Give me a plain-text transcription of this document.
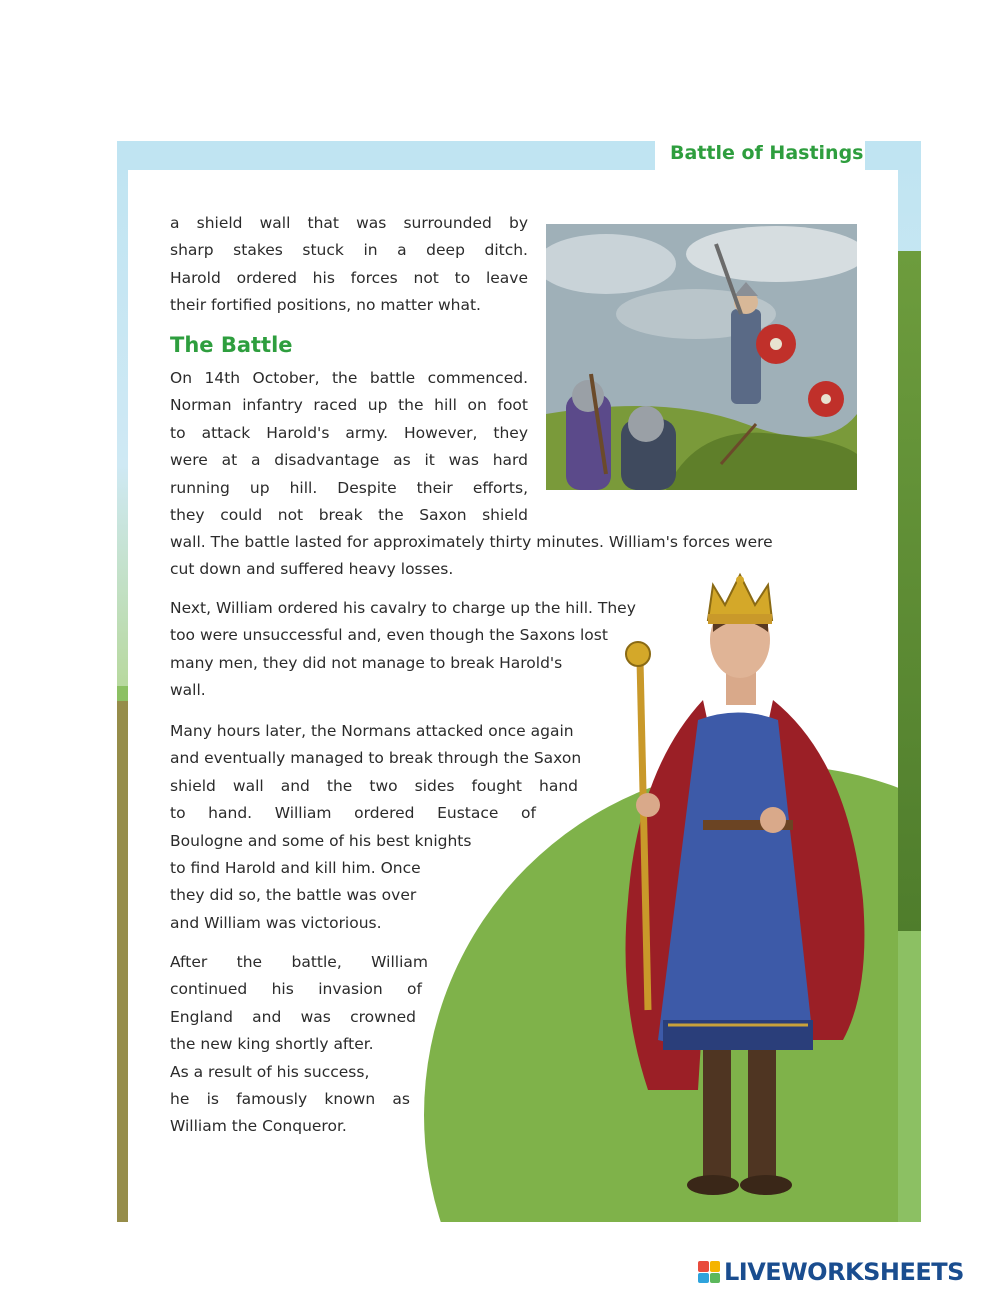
Battle of Hastings
a shield wall that was surrounded by
sharp stakes stuck in a deep ditch.
Harold ordered his forces not to leave
their fortified positions, no matter what.
The Battle
On 14th October, the battle commenced.
Norman infantry raced up the hill on foot
to attack Harold's army. However, they
were at a disadvantage as it was hard
running up hill. Despite their efforts,
they could not break the Saxon shield
wall. The battle lasted for approximately thirty minutes. William's forces were
cut down and suffered heavy losses.
Next, William ordered his cavalry to charge up the hill. They
too were unsuccessful and, even though the Saxons lost
many men, they did not manage to break Harold's
wall.
Many hours later, the Normans attacked once again
and eventually managed to break through the Saxon
shield wall and the two sides fought hand
to hand. William ordered Eustace of
Boulogne and some of his best knights
to find Harold and kill him. Once
they did so, the battle was over
and William was victorious.
After the battle, William
continued his invasion of
England and was crowned
the new king shortly after.
As a result of his success,
he is famously known as
William the Conqueror.
LIVEWORKSHEETS
